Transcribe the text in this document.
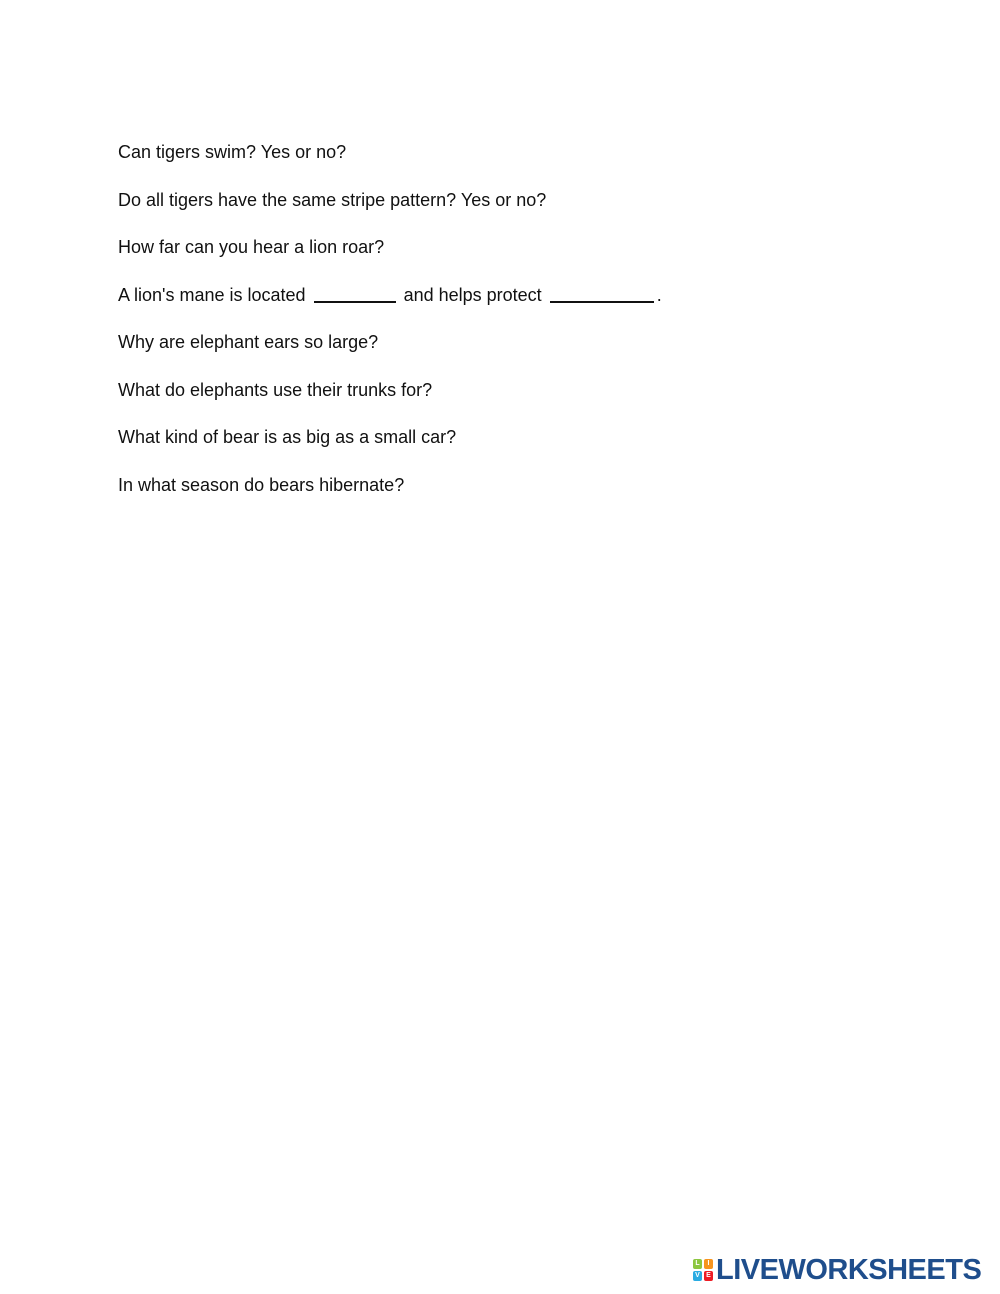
Can tigers swim? Yes or no?
Do all tigers have the same stripe pattern? Yes or no?
How far can you hear a lion roar?
A lion's mane is located	and helps protect	.
Why are elephant ears so large?
What do elephants use their trunks for?
What kind of bear is as big as a small car?
In what season do bears hibernate?
L	I
V E LIVEWORKSHEETS
